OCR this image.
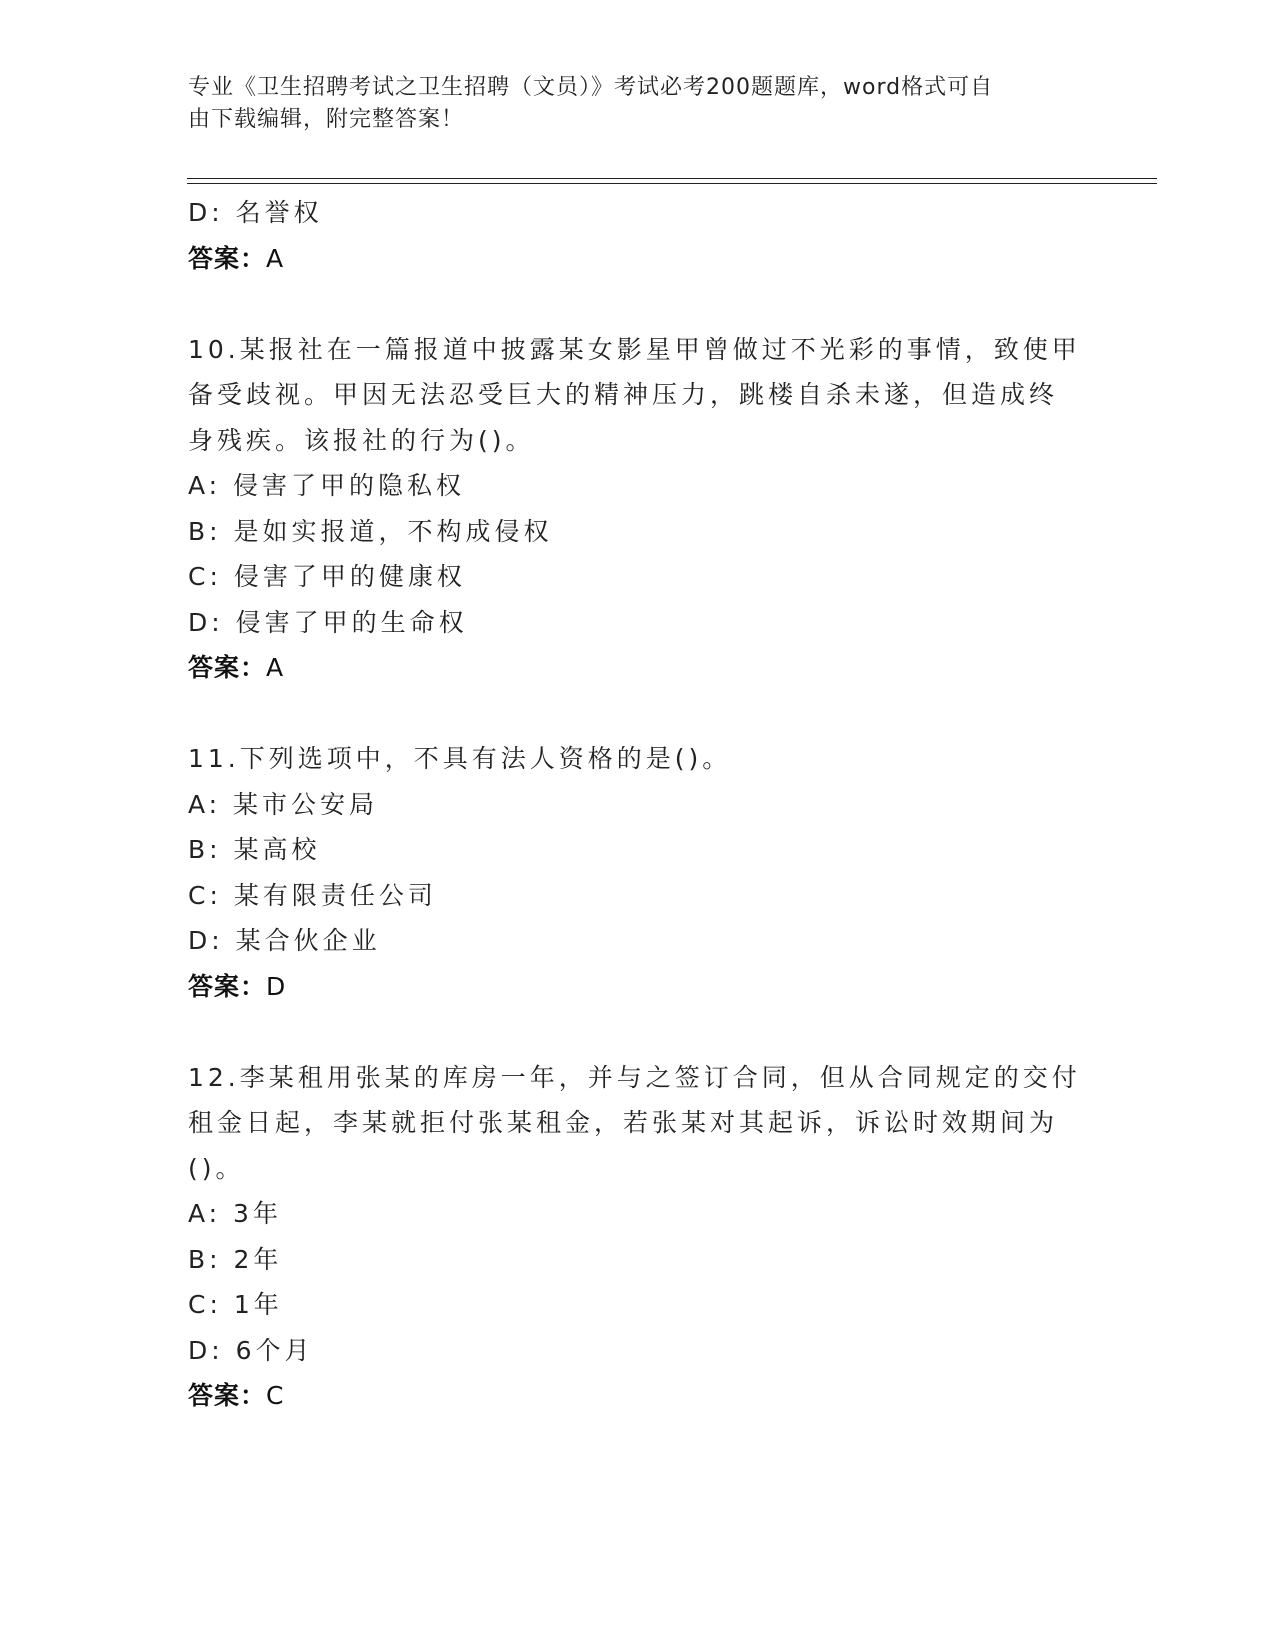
专业《卫生招聘考试之卫生招聘（文员）》考试必考200题题库，word格式可自
由下载编辑，附完整答案！
D: 名誉权
答案：A
10.某报社在一篇报道中披露某女影星甲曾做过不光彩的事情，致使甲
备受歧视。甲因无法忍受巨大的精神压力，跳楼自杀未遂，但造成终
身残疾。该报社的行为()。
A: 侵害了甲的隐私权
B: 是如实报道，不构成侵权
C: 侵害了甲的健康权
D: 侵害了甲的生命权
答案：A
11.下列选项中，不具有法人资格的是()。
A: 某市公安局
B: 某高校
C: 某有限责任公司
D: 某合伙企业
答案：D
12.李某租用张某的库房一年，并与之签订合同，但从合同规定的交付
租金日起，李某就拒付张某租金，若张某对其起诉，诉讼时效期间为
()。
A: 3年
B: 2年
C: 1年
D: 6个月
答案：C
